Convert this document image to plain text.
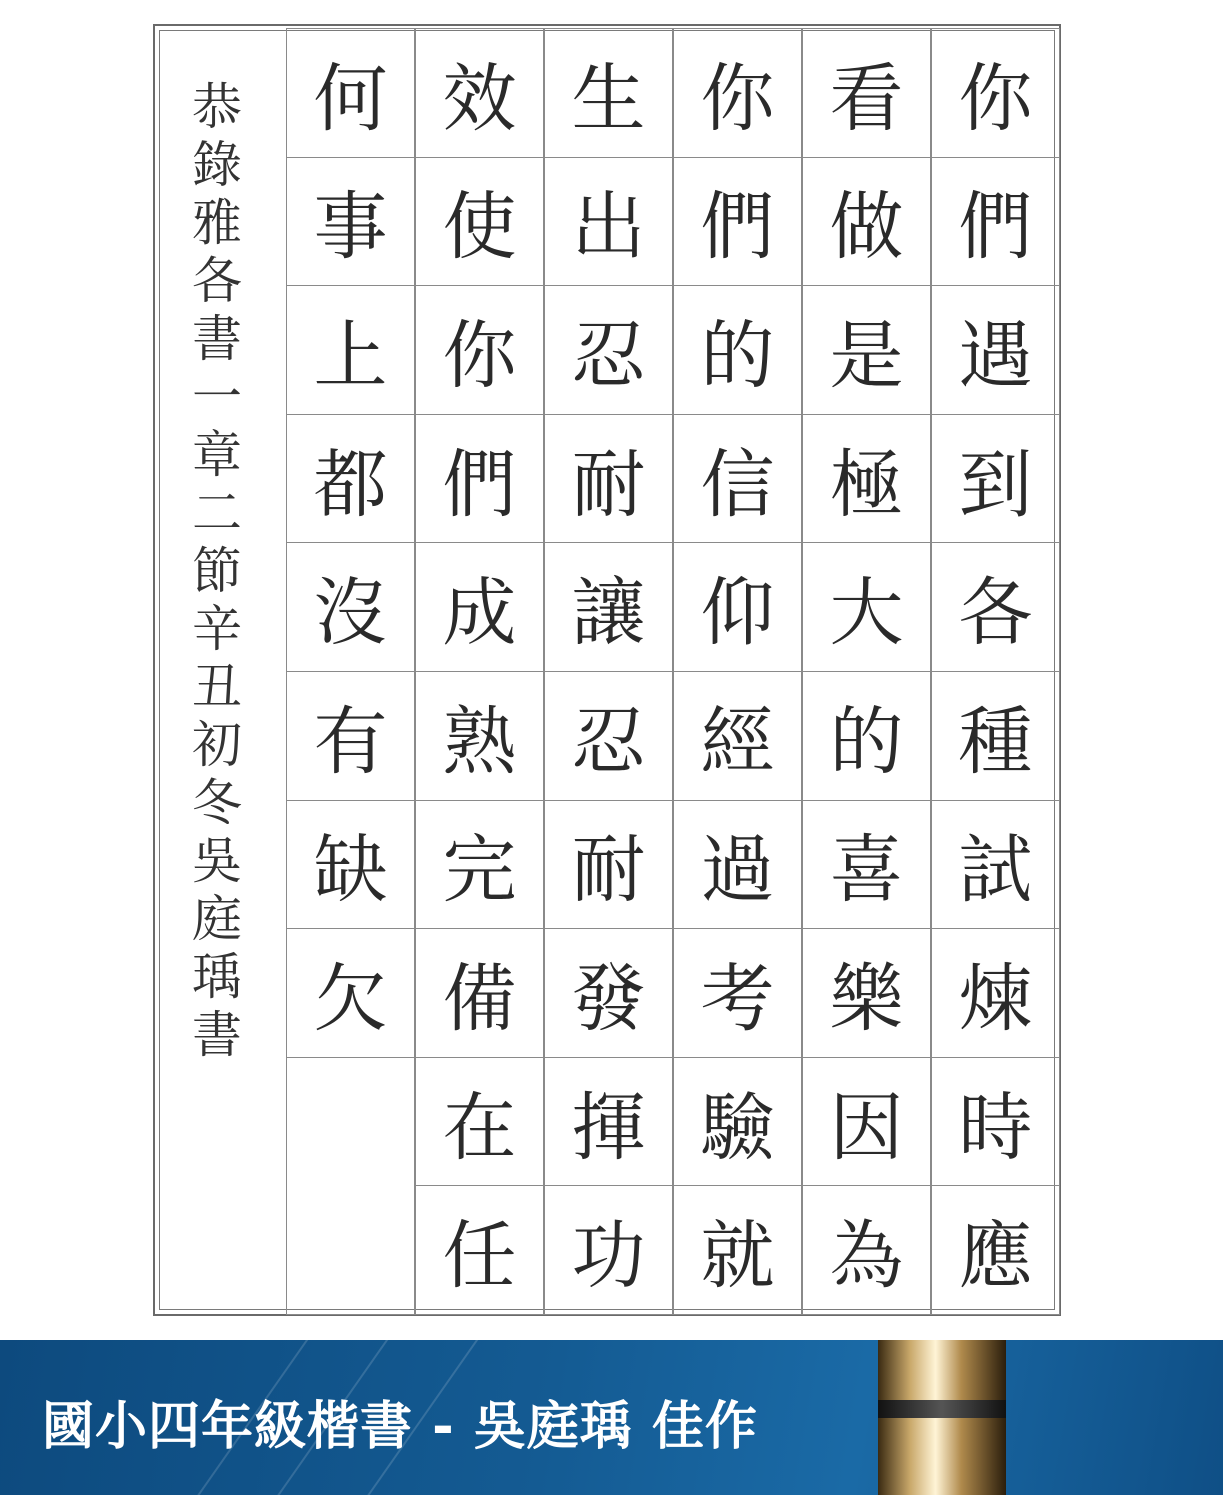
恭
錄
雅
各
書
一
章
二
節
辛
丑
初
冬
吳
庭
瑀
書
你
們
遇
到
各
種
試
煉
時
應
看
做
是
極
大
的
喜
樂
因
為
你
們
的
信
仰
經
過
考
驗
就
生
出
忍
耐
讓
忍
耐
發
揮
功
效
使
你
們
成
熟
完
備
在
任
何
事
上
都
沒
有
缺
欠
國小四年級楷書 - 吳庭瑀 佳作
